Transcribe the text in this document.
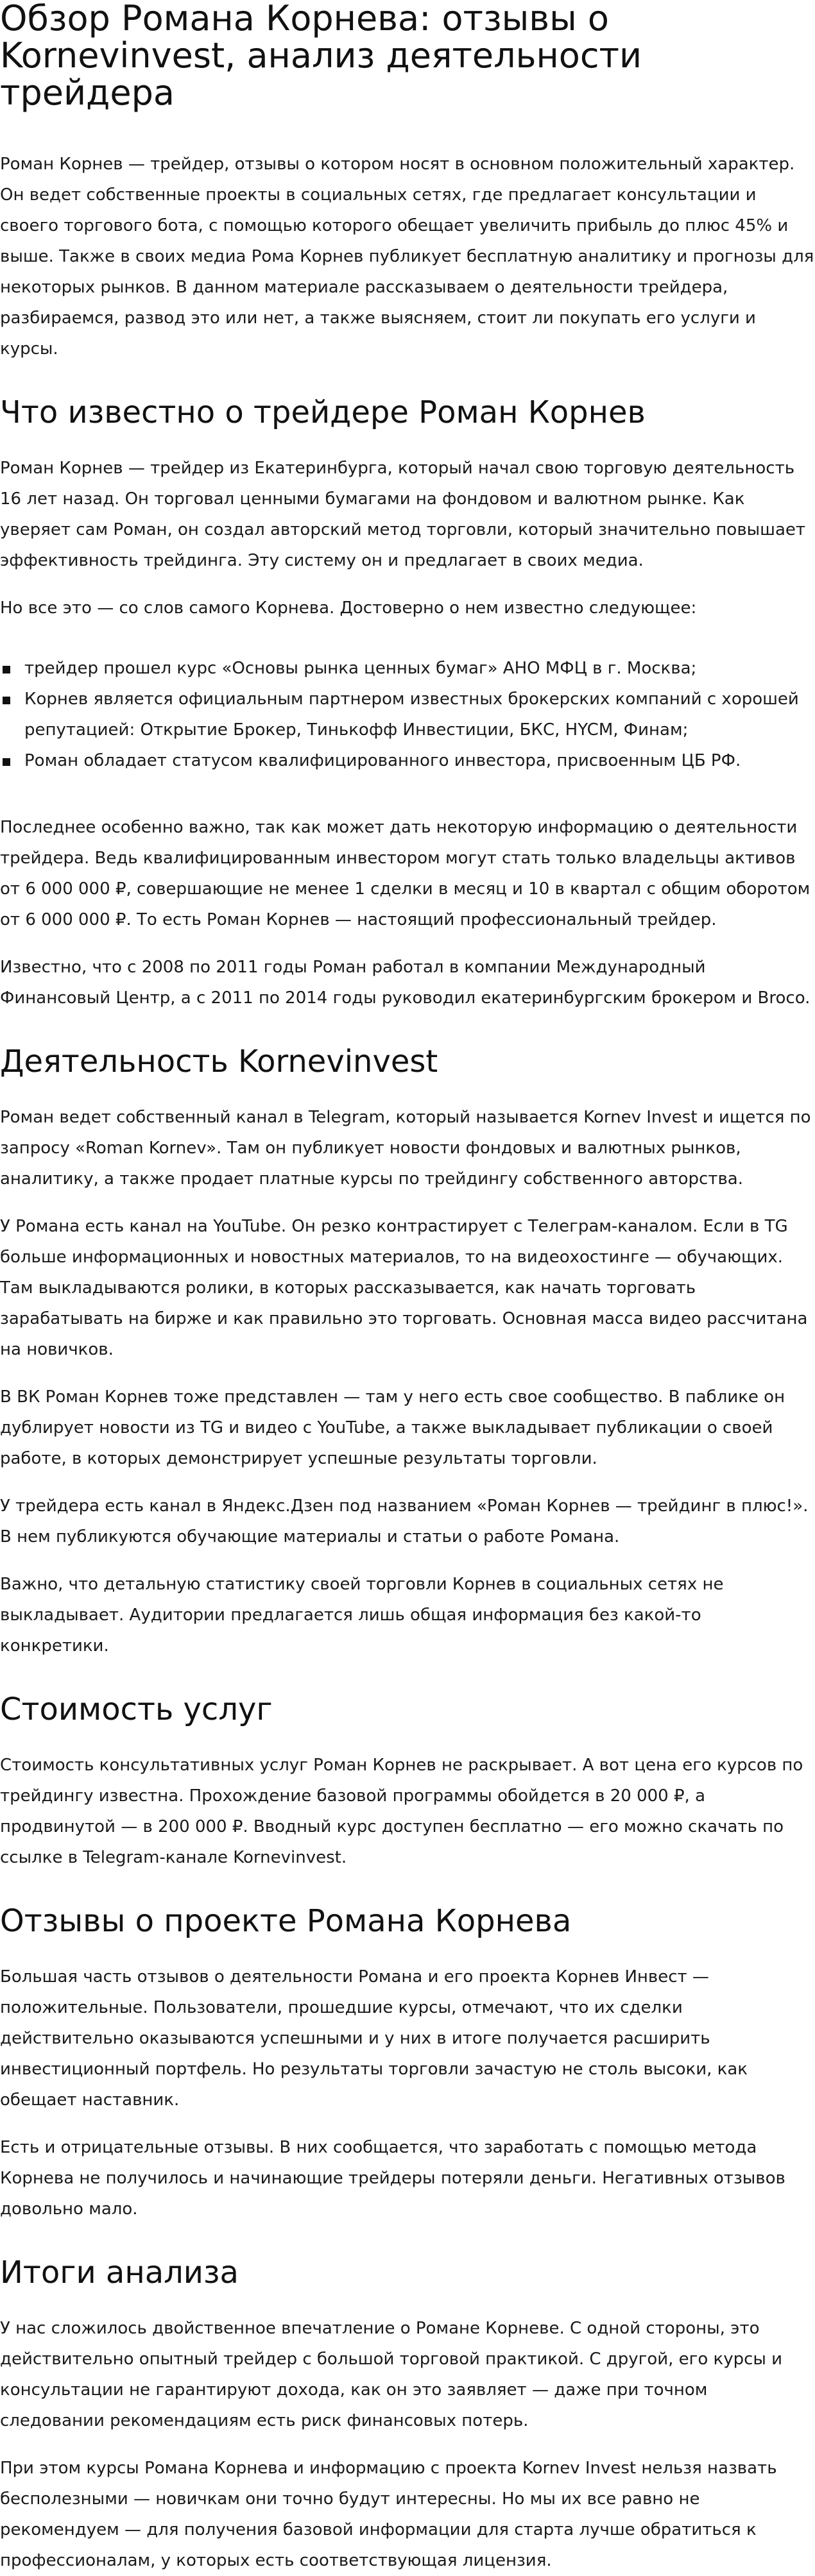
Обзор Романа Корнева: отзывы о Kornevinvest, анализ деятельности трейдера

Роман Корнев — трейдер, отзывы о котором носят в основном положительный характер. Он ведет собственные проекты в социальных сетях, где предлагает консультации и своего торгового бота, с помощью которого обещает увеличить прибыль до плюс 45% и выше. Также в своих медиа Рома Корнев публикует бесплатную аналитику и прогнозы для некоторых рынков. В данном материале рассказываем о деятельности трейдера, разбираемся, развод это или нет, а также выясняем, стоит ли покупать его услуги и курсы.

Что известно о трейдере Роман Корнев

Роман Корнев — трейдер из Екатеринбурга, который начал свою торговую деятельность 16 лет назад. Он торговал ценными бумагами на фондовом и валютном рынке. Как уверяет сам Роман, он создал авторский метод торговли, который значительно повышает эффективность трейдинга. Эту систему он и предлагает в своих медиа.

Но все это — со слов самого Корнева. Достоверно о нем известно следующее:

трейдер прошел курс «Основы рынка ценных бумаг» АНО МФЦ в г. Москва;
Корнев является официальным партнером известных брокерских компаний с хорошей репутацией: Открытие Брокер, Тинькофф Инвестиции, БКС, HYCM, Финам;
Роман обладает статусом квалифицированного инвестора, присвоенным ЦБ РФ.

Последнее особенно важно, так как может дать некоторую информацию о деятельности трейдера. Ведь квалифицированным инвестором могут стать только владельцы активов от 6 000 000 ₽, совершающие не менее 1 сделки в месяц и 10 в квартал с общим оборотом от 6 000 000 ₽. То есть Роман Корнев — настоящий профессиональный трейдер.

Известно, что с 2008 по 2011 годы Роман работал в компании Международный Финансовый Центр, а с 2011 по 2014 годы руководил екатеринбургским брокером и Broco.

Деятельность Kornevinvest

Роман ведет собственный канал в Telegram, который называется Kornev Invest и ищется по запросу «Roman Kornev». Там он публикует новости фондовых и валютных рынков, аналитику, а также продает платные курсы по трейдингу собственного авторства.

У Романа есть канал на YouTube. Он резко контрастирует с Телеграм-каналом. Если в TG больше информационных и новостных материалов, то на видеохостинге — обучающих. Там выкладываются ролики, в которых рассказывается, как начать торговать зарабатывать на бирже и как правильно это торговать. Основная масса видео рассчитана на новичков.

В ВК Роман Корнев тоже представлен — там у него есть свое сообщество. В паблике он дублирует новости из TG и видео с YouTube, а также выкладывает публикации о своей работе, в которых демонстрирует успешные результаты торговли.

У трейдера есть канал в Яндекс.Дзен под названием «Роман Корнев — трейдинг в плюс!». В нем публикуются обучающие материалы и статьи о работе Романа.

Важно, что детальную статистику своей торговли Корнев в социальных сетях не выкладывает. Аудитории предлагается лишь общая информация без какой-то конкретики.

Стоимость услуг

Стоимость консультативных услуг Роман Корнев не раскрывает. А вот цена его курсов по трейдингу известна. Прохождение базовой программы обойдется в 20 000 ₽, а продвинутой — в 200 000 ₽. Вводный курс доступен бесплатно — его можно скачать по ссылке в Telegram-канале Kornevinvest.

Отзывы о проекте Романа Корнева

Большая часть отзывов о деятельности Романа и его проекта Корнев Инвест — положительные. Пользователи, прошедшие курсы, отмечают, что их сделки действительно оказываются успешными и у них в итоге получается расширить инвестиционный портфель. Но результаты торговли зачастую не столь высоки, как обещает наставник.

Есть и отрицательные отзывы. В них сообщается, что заработать с помощью метода Корнева не получилось и начинающие трейдеры потеряли деньги. Негативных отзывов довольно мало.

Итоги анализа

У нас сложилось двойственное впечатление о Романе Корневе. С одной стороны, это действительно опытный трейдер с большой торговой практикой. С другой, его курсы и консультации не гарантируют дохода, как он это заявляет — даже при точном следовании рекомендациям есть риск финансовых потерь.

При этом курсы Романа Корнева и информацию с проекта Kornev Invest нельзя назвать бесполезными — новичкам они точно будут интересны. Но мы их все равно не рекомендуем — для получения базовой информации для старта лучше обратиться к профессионалам, у которых есть соответствующая лицензия.
